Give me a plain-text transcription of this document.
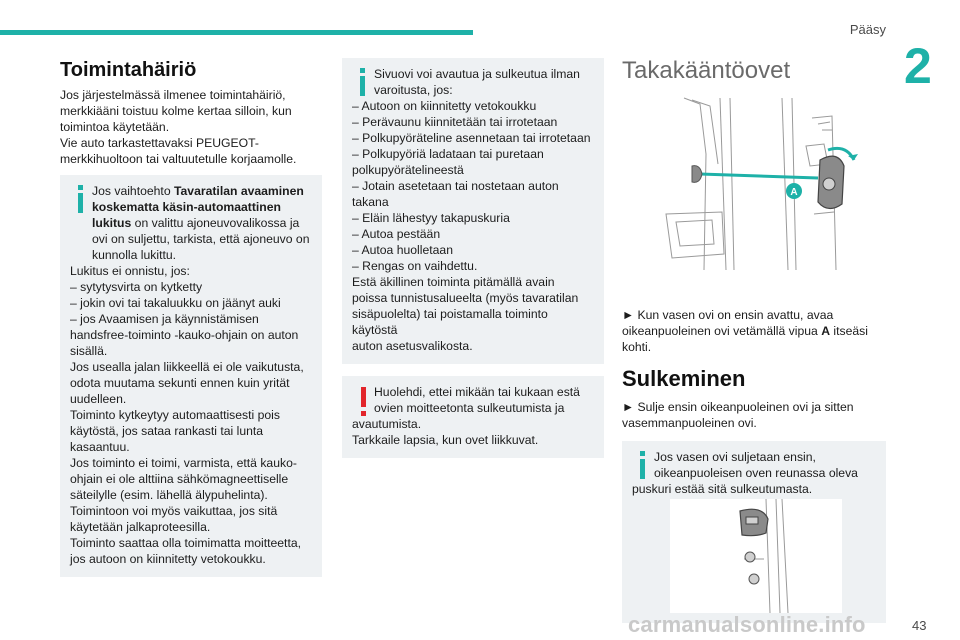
Pääsy
2
Toimintahäiriö

Jos järjestelmässä ilmenee toimintahäiriö,
merkkiääni toistuu kolme kertaa silloin, kun
toimintoa käytetään.
Vie auto tarkastettavaksi PEUGEOT-
merkkihuoltoon tai valtuutetulle korjaamolle.

Jos vaihtoehto Tavaratilan avaaminen koskematta käsin-automaattinen lukitus on valittu ajoneuvovalikossa ja ovi on suljettu, tarkista, että ajoneuvo on kunnolla lukittu.

Lukitus ei onnistu, jos:
– sytytysvirta on kytketty
– jokin ovi tai takaluukku on jäänyt auki
– jos Avaamisen ja käynnistämisen
handsfree-toiminto -kauko-ohjain on auton
sisällä.
Jos usealla jalan liikkeellä ei ole vaikutusta,
odota muutama sekunti ennen kuin yrität
uudelleen.
Toiminto kytkeytyy automaattisesti pois
käytöstä, jos sataa rankasti tai lunta
kasaantuu.
Jos toiminto ei toimi, varmista, että kauko-
ohjain ei ole alttiina sähkömagneettiselle
säteilylle (esim. lähellä älypuhelinta).
Toimintoon voi myös vaikuttaa, jos sitä
käytetään jalkaproteesilla.
Toiminto saattaa olla toimimatta moitteetta,
jos autoon on kiinnitetty vetokoukku.

Sivuovi voi avautua ja sulkeutua ilman varoitusta, jos:

– Autoon on kiinnitetty vetokoukku
– Perävaunu kiinnitetään tai irrotetaan
– Polkupyöräteline asennetaan tai irrotetaan
– Polkupyöriä ladataan tai puretaan
polkupyörätelineestä
– Jotain asetetaan tai nostetaan auton
takana
– Eläin lähestyy takapuskuria
– Autoa pestään
– Autoa huolletaan
– Rengas on vaihdettu.
Estä äkillinen toiminta pitämällä avain
poissa tunnistusalueelta (myös tavaratilan
sisäpuolelta) tai poistamalla toiminto käytöstä
auton asetusvalikosta.

Huolehdi, ettei mikään tai kukaan estä ovien moitteetonta sulkeutumista ja

avautumista.
Tarkkaile lapsia, kun ovet liikkuvat.

Takakääntöovet
A

► Kun vasen ovi on ensin avattu, avaa oikeanpuoleinen ovi vetämällä vipua A itseäsi kohti.

Sulkeminen

► Sulje ensin oikeanpuoleinen ovi ja sitten vasemmanpuoleinen ovi.

Jos vasen ovi suljetaan ensin, oikeanpuoleisen oven reunassa oleva

puskuri estää sitä sulkeutumasta.

carmanualsonline.info	43
